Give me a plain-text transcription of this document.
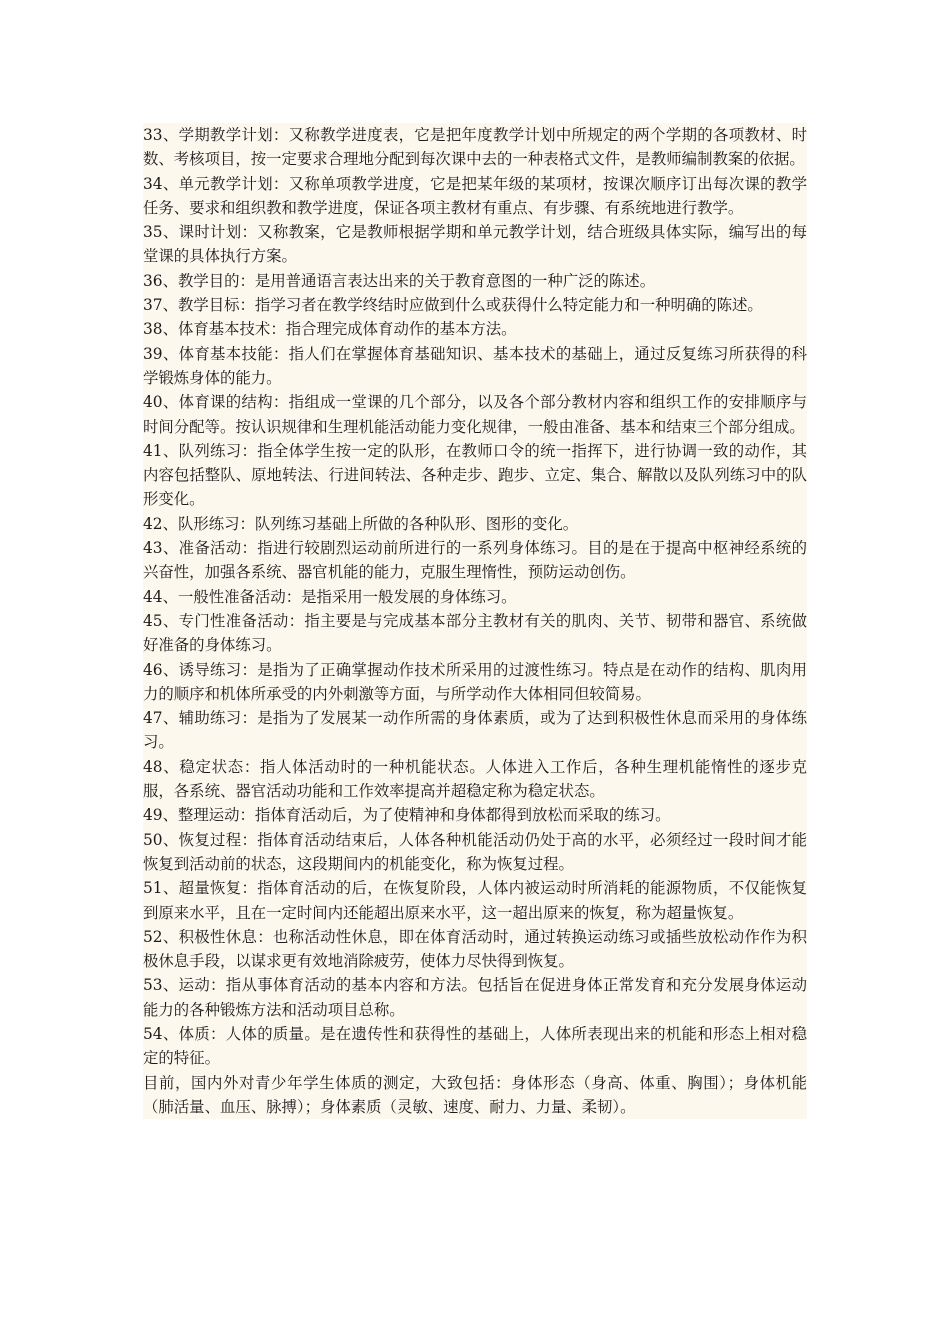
33、学期教学计划：又称教学进度表，它是把年度教学计划中所规定的两个学期的各项教材、时数、考核项目，按一定要求合理地分配到每次课中去的一种表格式文件，是教师编制教案的依据。

34、单元教学计划：又称单项教学进度，它是把某年级的某项材，按课次顺序订出每次课的教学任务、要求和组织教和教学进度，保证各项主教材有重点、有步骤、有系统地进行教学。

35、课时计划：又称教案，它是教师根据学期和单元教学计划，结合班级具体实际，编写出的每堂课的具体执行方案。

36、教学目的：是用普通语言表达出来的关于教育意图的一种广泛的陈述。

37、教学目标：指学习者在教学终结时应做到什么或获得什么特定能力和一种明确的陈述。

38、体育基本技术：指合理完成体育动作的基本方法。

39、体育基本技能：指人们在掌握体育基础知识、基本技术的基础上，通过反复练习所获得的科学锻炼身体的能力。

40、体育课的结构：指组成一堂课的几个部分，以及各个部分教材内容和组织工作的安排顺序与时间分配等。按认识规律和生理机能活动能力变化规律，一般由准备、基本和结束三个部分组成。

41、队列练习：指全体学生按一定的队形，在教师口令的统一指挥下，进行协调一致的动作，其内容包括整队、原地转法、行进间转法、各种走步、跑步、立定、集合、解散以及队列练习中的队形变化。

42、队形练习：队列练习基础上所做的各种队形、图形的变化。

43、准备活动：指进行较剧烈运动前所进行的一系列身体练习。目的是在于提高中枢神经系统的兴奋性，加强各系统、器官机能的能力，克服生理惰性，预防运动创伤。

44、一般性准备活动：是指采用一般发展的身体练习。

45、专门性准备活动：指主要是与完成基本部分主教材有关的肌肉、关节、韧带和器官、系统做好准备的身体练习。

46、诱导练习：是指为了正确掌握动作技术所采用的过渡性练习。特点是在动作的结构、肌肉用力的顺序和机体所承受的内外刺激等方面，与所学动作大体相同但较简易。

47、辅助练习：是指为了发展某一动作所需的身体素质，或为了达到积极性休息而采用的身体练习。

48、稳定状态：指人体活动时的一种机能状态。人体进入工作后，各种生理机能惰性的逐步克服，各系统、器官活动功能和工作效率提高并超稳定称为稳定状态。

49、整理运动：指体育活动后，为了使精神和身体都得到放松而采取的练习。

50、恢复过程：指体育活动结束后，人体各种机能活动仍处于高的水平，必须经过一段时间才能恢复到活动前的状态，这段期间内的机能变化，称为恢复过程。

51、超量恢复：指体育活动的后，在恢复阶段，人体内被运动时所消耗的能源物质，不仅能恢复到原来水平，且在一定时间内还能超出原来水平，这一超出原来的恢复，称为超量恢复。

52、积极性休息：也称活动性休息，即在体育活动时，通过转换运动练习或插些放松动作作为积极休息手段，以谋求更有效地消除疲劳，使体力尽快得到恢复。

53、运动：指从事体育活动的基本内容和方法。包括旨在促进身体正常发育和充分发展身体运动能力的各种锻炼方法和活动项目总称。

54、体质：人体的质量。是在遗传性和获得性的基础上，人体所表现出来的机能和形态上相对稳定的特征。

目前，国内外对青少年学生体质的测定，大致包括：身体形态（身高、体重、胸围）；身体机能（肺活量、血压、脉搏）；身体素质（灵敏、速度、耐力、力量、柔韧）。
